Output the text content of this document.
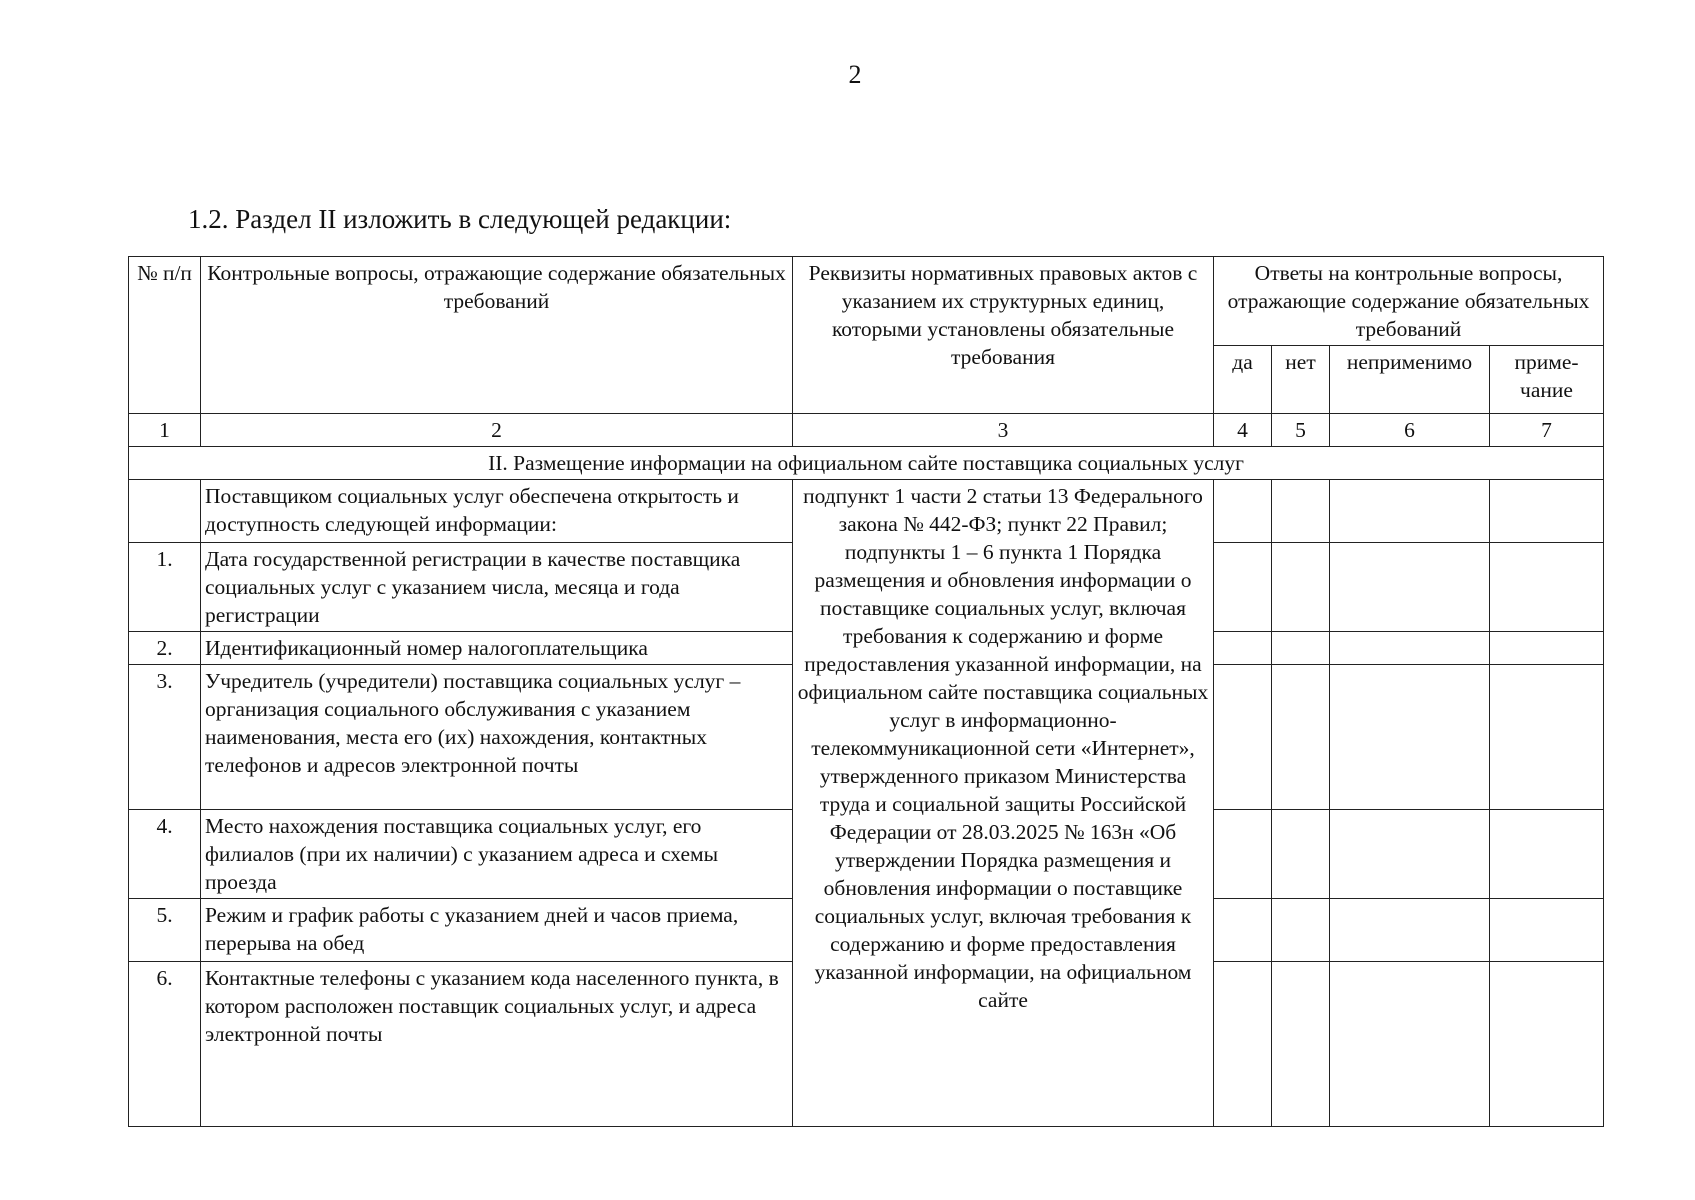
2
1.2. Раздел II изложить в следующей редакции:
№ п/п	Контрольные вопросы, отражающие содержание обязательных требований	Реквизиты нормативных правовых актов с указанием их структурных единиц, которыми установлены обязательные требования	Ответы на контрольные вопросы, отражающие содержание обязательных требований			
			да	нет	неприменимо	приме-чание
1	2	3	4	5	6	7
II. Размещение информации на официальном сайте поставщика социальных услуг						
	Поставщиком социальных услуг обеспечена открытость и доступность следующей информации:	подпункт 1 части 2 статьи 13 Федерального закона № 442-ФЗ; пункт 22 Правил; подпункты 1 – 6 пункта 1 Порядка размещения и обновления информации о поставщике социальных услуг, включая требования к содержанию и форме предоставления указанной информации, на официальном сайте поставщика социальных услуг в информационно-телекоммуникационной сети «Интернет», утвержденного приказом Министерства труда и социальной защиты Российской Федерации от 28.03.2025 № 163н «Об утверждении Порядка размещения и обновления информации о поставщике социальных услуг, включая требования к содержанию и форме предоставления указанной информации, на официальном сайте				
1.	Дата государственной регистрации в качестве поставщика социальных услуг с указанием числа, месяца и года регистрации					
2.	Идентификационный номер налогоплательщика					
3.	Учредитель (учредители) поставщика социальных услуг – организация социального обслуживания с указанием наименования, места его (их) нахождения, контактных телефонов и адресов электронной почты					
4.	Место нахождения поставщика социальных услуг, его филиалов (при их наличии) с указанием адреса и схемы проезда					
5.	Режим и график работы с указанием дней и часов приема, перерыва на обед					
6.	Контактные телефоны с указанием кода населенного пункта, в котором расположен поставщик социальных услуг, и адреса электронной почты					
